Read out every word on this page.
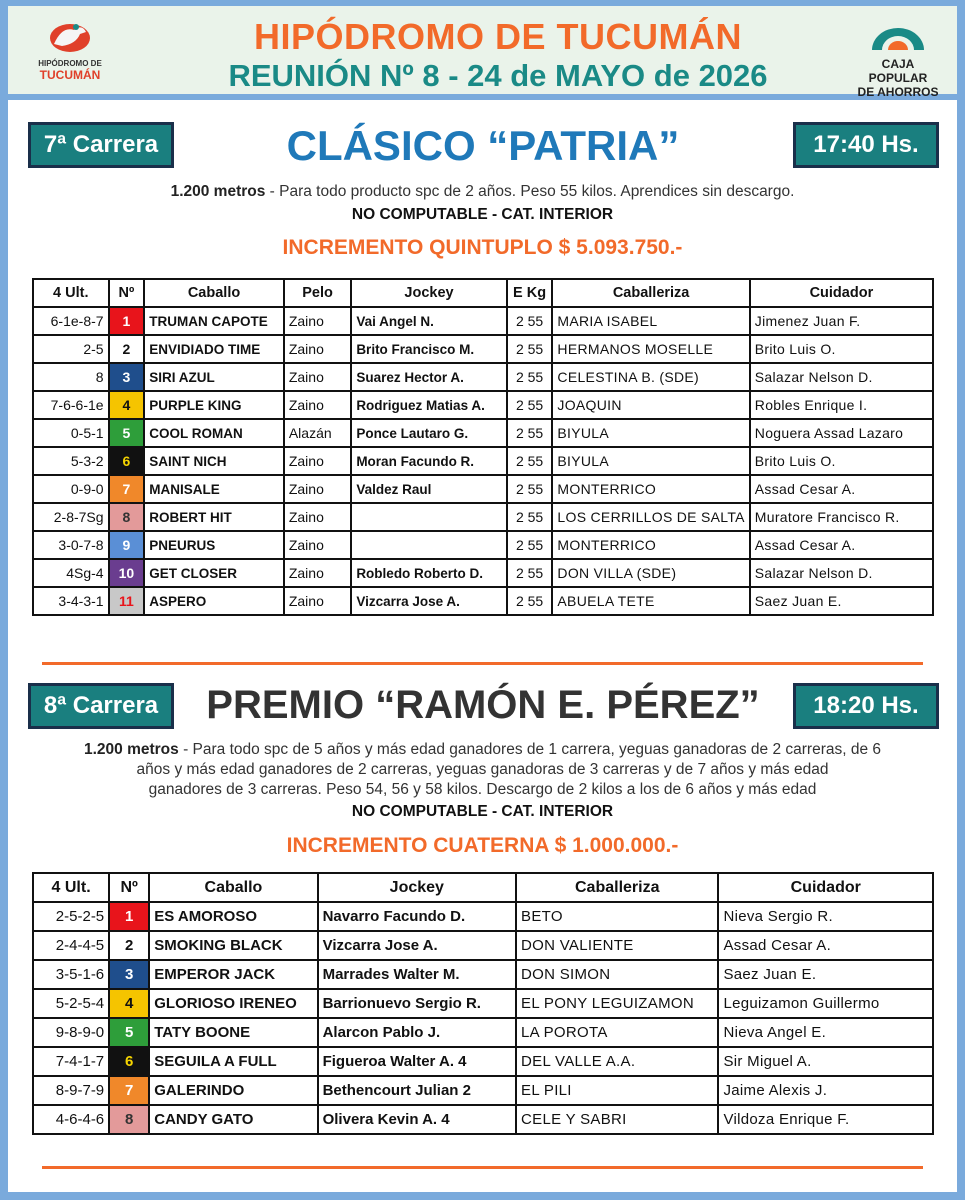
HIPÓDROMO DE
TUCUMÁN
HIPÓDROMO DE TUCUMÁN
REUNIÓN Nº 8 - 24 de MAYO de 2026	CAJA POPULAR
DE AHORROS
7ª Carrera	CLÁSICO “PATRIA”	17:40 Hs.
1.200 metros - Para todo producto spc de 2 años. Peso 55 kilos. Aprendices sin descargo.
NO COMPUTABLE - CAT. INTERIOR
INCREMENTO QUINTUPLO $ 5.093.750.-
4 Ult.	Nº	Caballo	Pelo	Jockey	E Kg	Caballeriza	Cuidador
6-1e-8-7	1	TRUMAN CAPOTE	Zaino	Vai Angel N.	2 55	MARIA ISABEL	Jimenez Juan F.
2-5	2	ENVIDIADO TIME	Zaino	Brito Francisco M.	2 55	HERMANOS MOSELLE	Brito Luis O.
8	3	SIRI AZUL	Zaino	Suarez Hector A.	2 55	CELESTINA B. (SDE)	Salazar Nelson D.
7-6-6-1e	4	PURPLE KING	Zaino	Rodriguez Matias A.	2 55	JOAQUIN	Robles Enrique I.
0-5-1	5	COOL ROMAN	Alazán	Ponce Lautaro G.	2 55	BIYULA	Noguera Assad Lazaro
5-3-2	6	SAINT NICH	Zaino	Moran Facundo R.	2 55	BIYULA	Brito Luis O.
0-9-0	7	MANISALE	Zaino	Valdez Raul	2 55	MONTERRICO	Assad Cesar A.
2-8-7Sg	8	ROBERT HIT	Zaino		2 55	LOS CERRILLOS DE SALTA	Muratore Francisco R.
3-0-7-8	9	PNEURUS	Zaino		2 55	MONTERRICO	Assad Cesar A.
4Sg-4	10	GET CLOSER	Zaino	Robledo Roberto D.	2 55	DON VILLA (SDE)	Salazar Nelson D.
3-4-3-1	11	ASPERO	Zaino	Vizcarra Jose A.	2 55	ABUELA TETE	Saez Juan E.
8ª Carrera	PREMIO “RAMÓN E. PÉREZ”	18:20 Hs.
1.200 metros - Para todo spc de 5 años y más edad ganadores de 1 carrera, yeguas ganadoras de 2 carreras, de 6
años y más edad ganadores de 2 carreras, yeguas ganadoras de 3 carreras y de 7 años y más edad
ganadores de 3 carreras. Peso 54, 56 y 58 kilos. Descargo de 2 kilos a los de 6 años y más edad
NO COMPUTABLE - CAT. INTERIOR
INCREMENTO CUATERNA $ 1.000.000.-
4 Ult.	Nº	Caballo	Jockey	Caballeriza	Cuidador
2-5-2-5	1	ES AMOROSO	Navarro Facundo D.	BETO	Nieva Sergio R.
2-4-4-5	2	SMOKING BLACK	Vizcarra Jose A.	DON VALIENTE	Assad Cesar A.
3-5-1-6	3	EMPEROR JACK	Marrades Walter M.	DON SIMON	Saez Juan E.
5-2-5-4	4	GLORIOSO IRENEO	Barrionuevo Sergio R.	EL PONY LEGUIZAMON	Leguizamon Guillermo
9-8-9-0	5	TATY BOONE	Alarcon Pablo J.	LA POROTA	Nieva Angel E.
7-4-1-7	6	SEGUILA A FULL	Figueroa Walter A. 4	DEL VALLE A.A.	Sir Miguel A.
8-9-7-9	7	GALERINDO	Bethencourt Julian 2	EL PILI	Jaime Alexis J.
4-6-4-6	8	CANDY GATO	Olivera Kevin A. 4	CELE Y SABRI	Vildoza Enrique F.
